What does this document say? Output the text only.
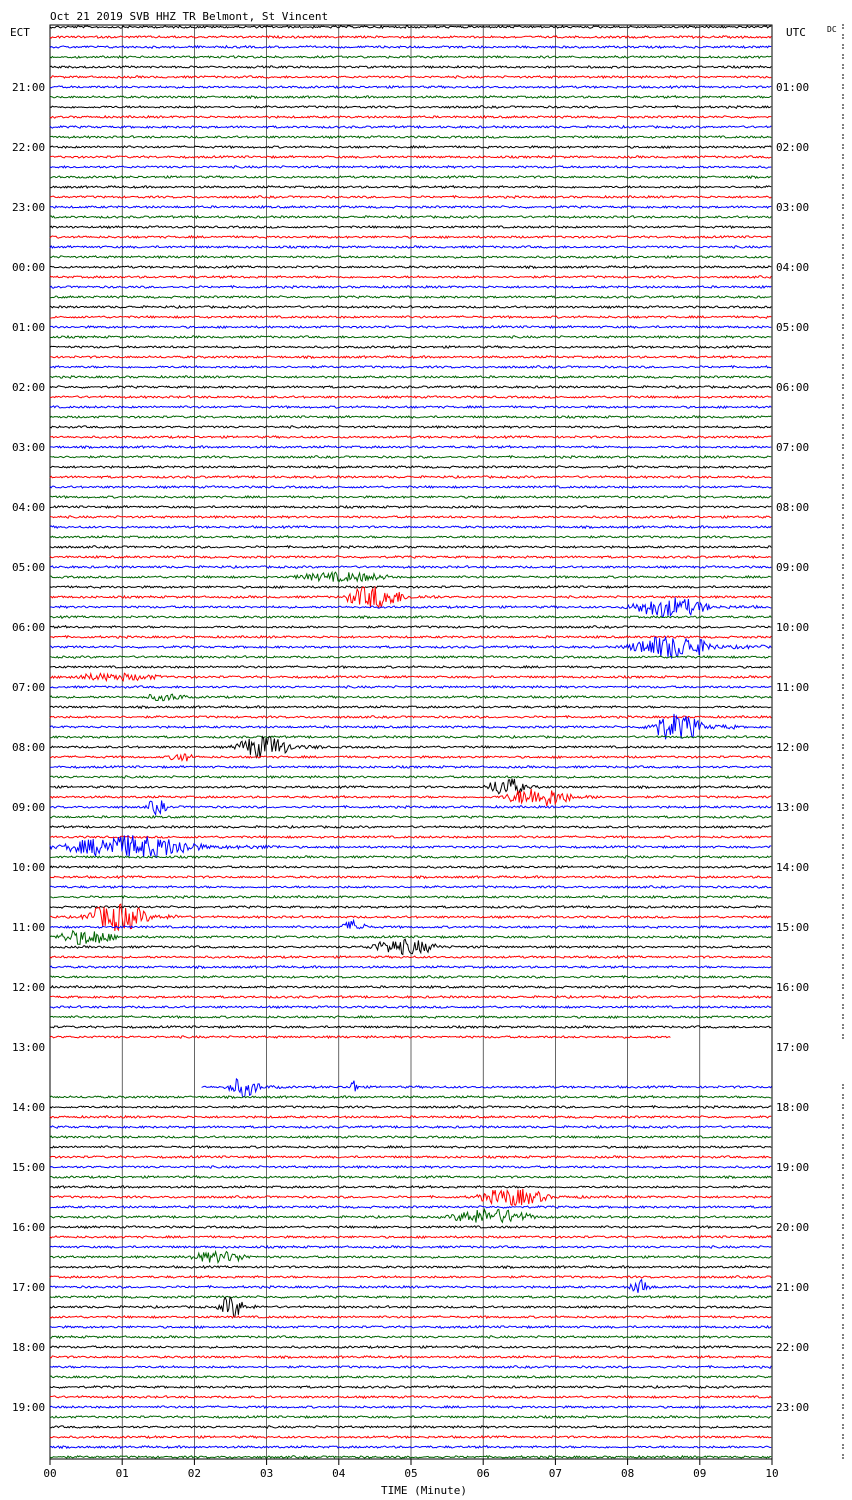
Oct 21 2019 SVB HHZ TR Belmont, St Vincent
ECT	UTC	DC
21:00
22:00
23:00
00:00
01:00
02:00
03:00
04:00
05:00
06:00
07:00
08:00
09:00
10:00
11:00
12:00
13:00
14:00
15:00
16:00
17:00
18:00
19:00
01:00
02:00
03:00
04:00
05:00
06:00
07:00
08:00
09:00
10:00
11:00
12:00
13:00
14:00
15:00
16:00
17:00
18:00
19:00
20:00
21:00
22:00
23:00
00	01	02	03	04	05	06	07	08	09	10
TIME (Minute)
